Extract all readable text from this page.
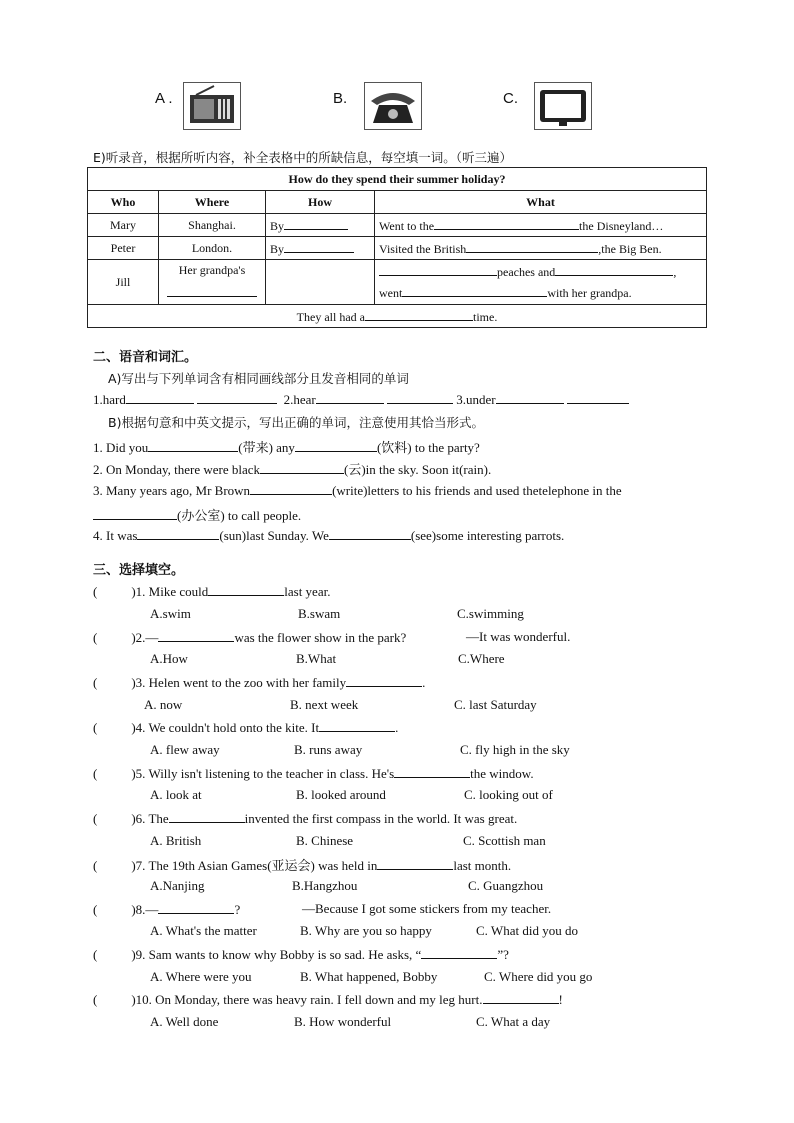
A .	B.	C.
E)听录音，根据所听内容，补全表格中的所缺信息，每空填一词。（听三遍）
How do they spend their summer holiday?			
Who	Where	How	What
Mary	Shanghai.	By	Went to the the Disneyland…
Peter	London.	By	Visited the British ,the Big Ben.
Jill	Her grandpa's		peaches and ,
went with her grandpa.

They all had a time.			
二、语音和词汇。
A)写出与下列单词含有相同画线部分且发音相同的单词
1.hard	2.hear	3.under
B)根据句意和中英文提示，写出正确的单词，注意使用其恰当形式。
1. Did you	(带来) any	(饮料) to the party?
2. On Monday, there were black	(云)in the sky. Soon it(rain).
3. Many years ago, Mr Brown	(write)letters to his friends and used thetelephone in the
(办公室) to call people.
4. It was	(sun)last Sunday. We	(see)some interesting parrots.
三、选择填空。
(	)1. Mike could	last year.
A.swim	B.swam	C.swimming
(	)2.—	was the flower show in the park?	—It was wonderful.
A.How	B.What	C.Where
(	)3. Helen went to the zoo with her family	.
A. now	B. next week	C. last Saturday
(	)4. We couldn't hold onto the kite. It	.
A. flew away	B. runs away	C. fly high in the sky
(	)5. Willy isn't listening to the teacher in class. He's	the window.
A. look at	B. looked around	C. looking out of
(	)6. The	invented the first compass in the world. It was great.
A. British	B. Chinese	C. Scottish man
(	)7. The 19th Asian Games(亚运会) was held in	last month.
A.Nanjing	B.Hangzhou	C. Guangzhou
(	)8.—	?	—Because I got some stickers from my teacher.
A. What's the matter	B. Why are you so happy	C. What did you do
(	)9. Sam wants to know why Bobby is so sad. He asks, “	”?
A. Where were you	B. What happened, Bobby	C. Where did you go
(	)10. On Monday, there was heavy rain. I fell down and my leg hurt.	!
A. Well done	B. How wonderful	C. What a day
